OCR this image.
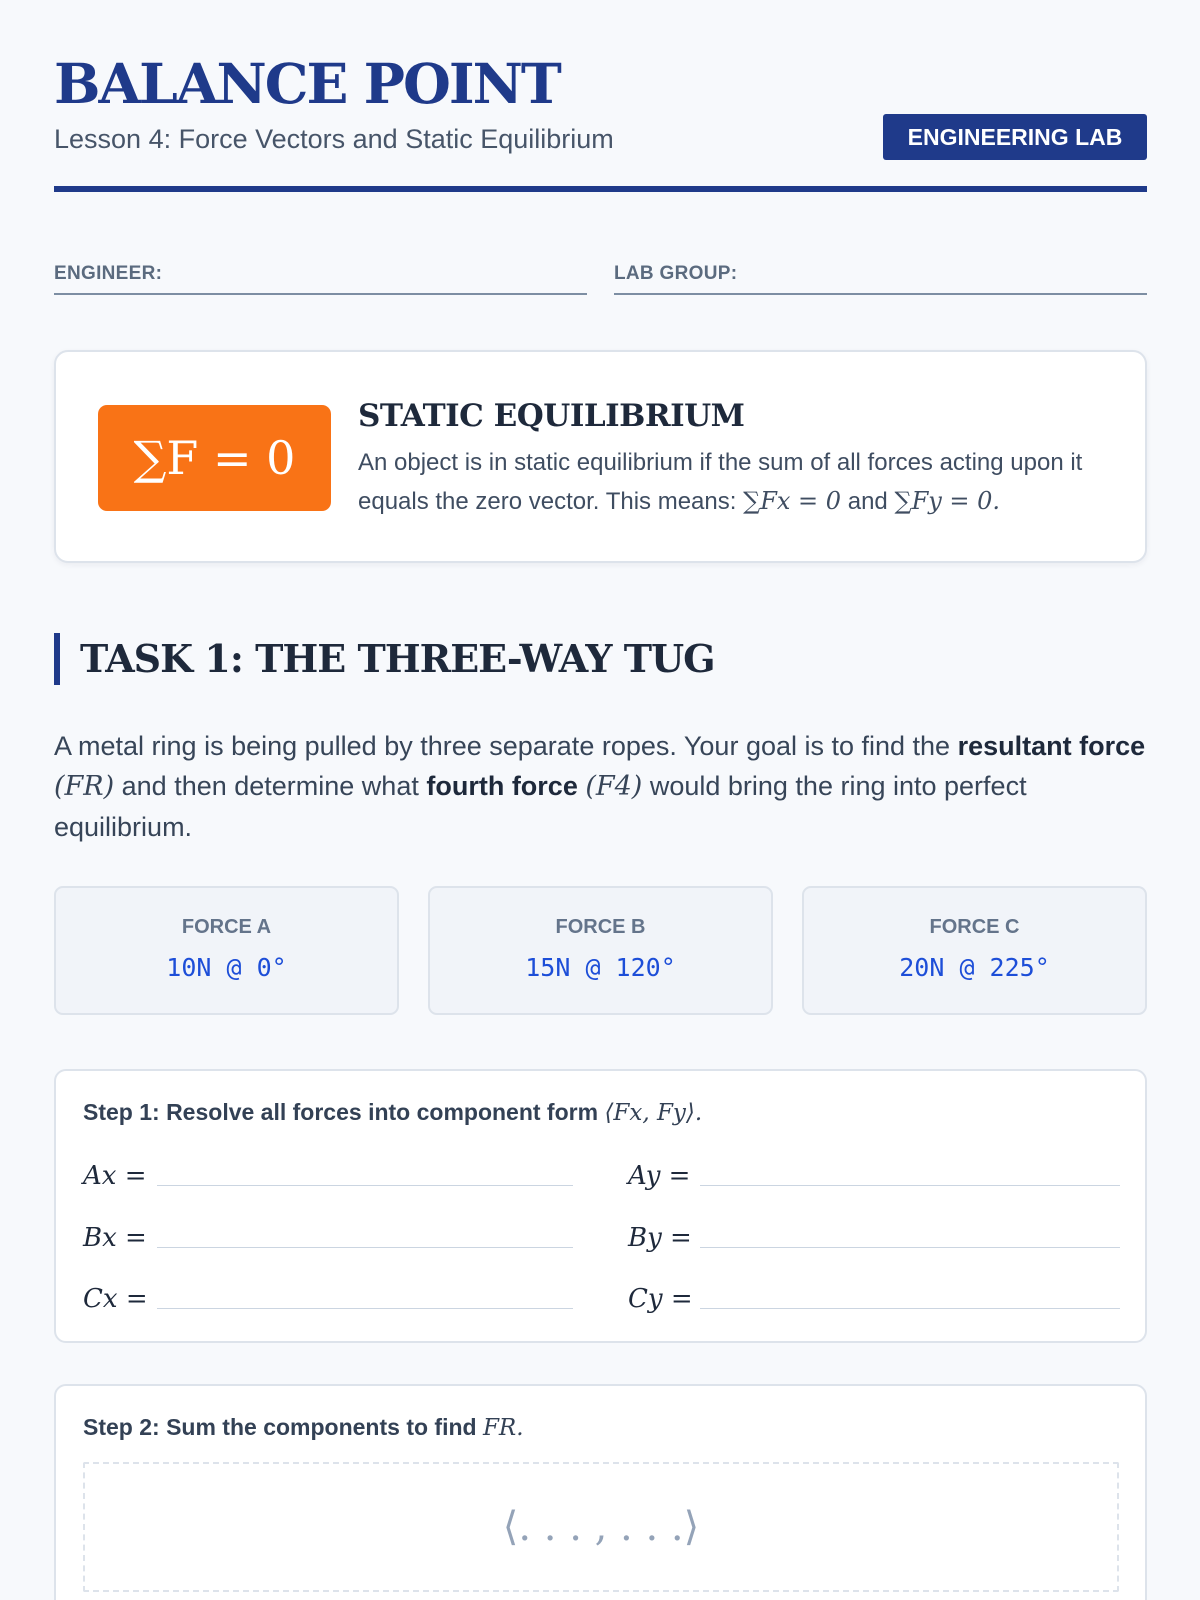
BALANCE POINT
Lesson 4: Force Vectors and Static Equilibrium	ENGINEERING LAB
ENGINEER:	LAB GROUP:
∑F = 0
STATIC EQUILIBRIUM
An object is in static equilibrium if the sum of all forces acting upon it equals the zero vector. This means: ∑Fx = 0 and ∑Fy = 0.
TASK 1: THE THREE-WAY TUG
A metal ring is being pulled by three separate ropes. Your goal is to find the resultant force (FR) and then determine what fourth force (F4) would bring the ring into perfect equilibrium.
FORCE A
10N @ 0°
FORCE B
15N @ 120°
FORCE C
20N @ 225°
Step 1: Resolve all forces into component form ⟨Fx, Fy⟩.
Ax =	Ay =
Bx =	By =
Cx =	Cy =
Step 2: Sum the components to find FR.
⟨. . . , . . .⟩
